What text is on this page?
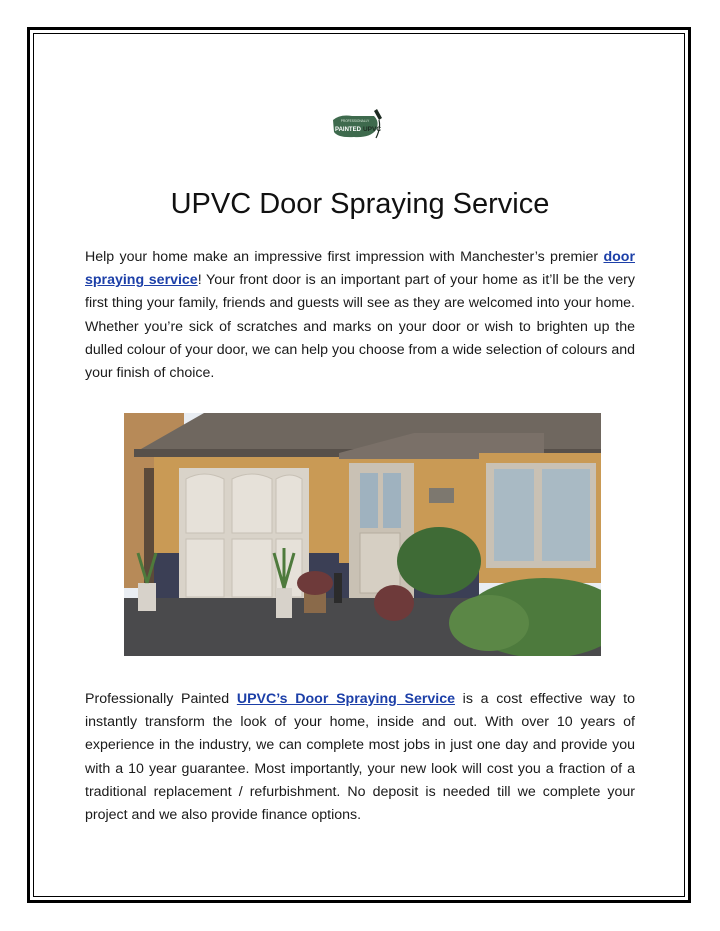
PROFESSIONALLY
PAINTED UPVC
UPVC Door Spraying Service

Help your home make an impressive first impression with Manchester’s premier door spraying service! Your front door is an important part of your home as it’ll be the very first thing your family, friends and guests will see as they are welcomed into your home. Whether you’re sick of scratches and marks on your door or wish to brighten up the dulled colour of your door, we can help you choose from a wide selection of colours and your finish of choice.

Professionally Painted UPVC’s Door Spraying Service is a cost effective way to instantly transform the look of your home, inside and out. With over 10 years of experience in the industry, we can complete most jobs in just one day and provide you with a 10 year guarantee. Most importantly, your new look will cost you a fraction of a traditional replacement / refurbishment. No deposit is needed till we complete your project and we also provide finance options.
